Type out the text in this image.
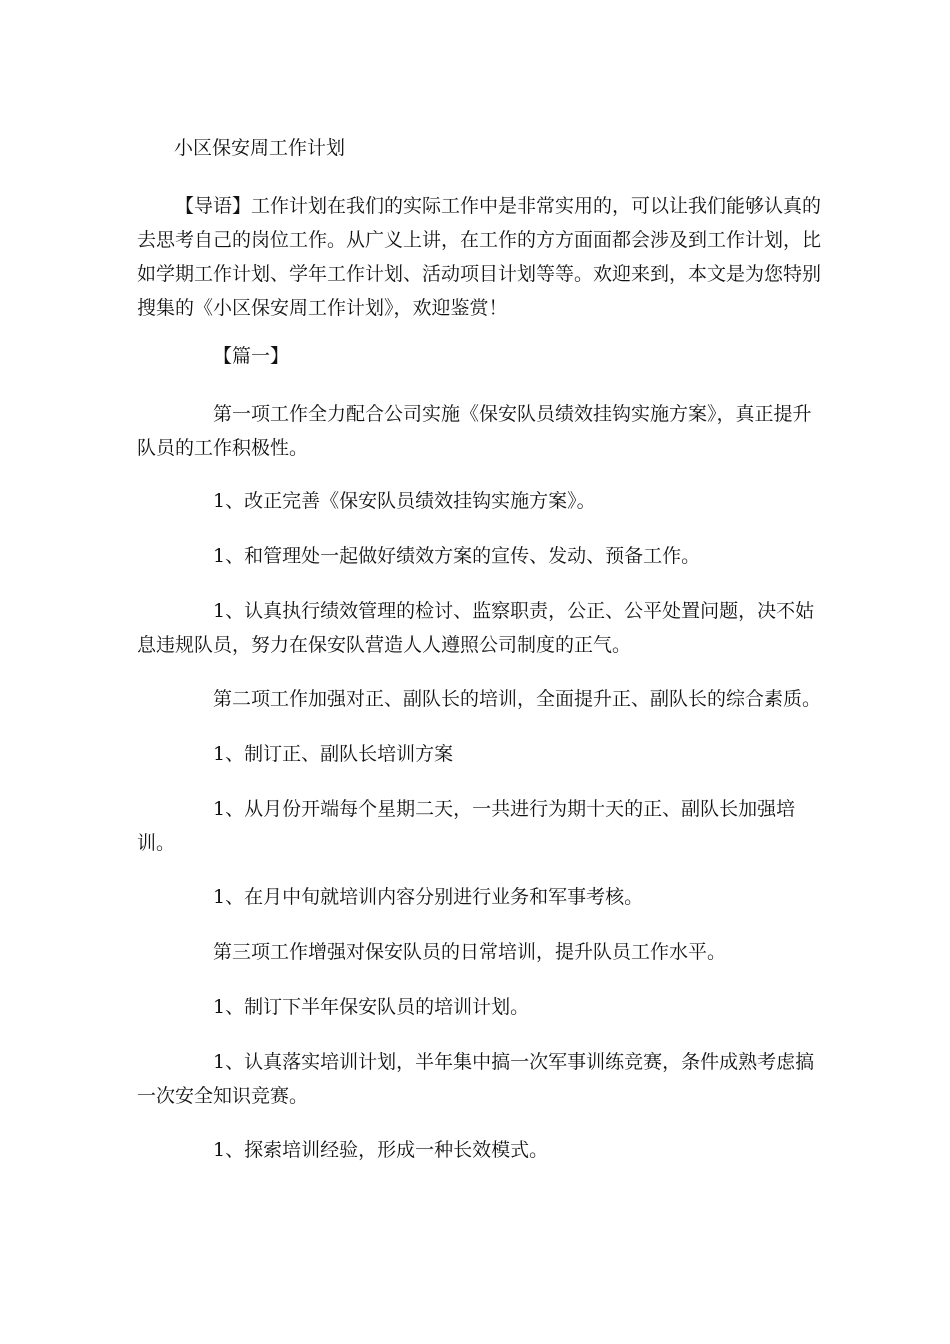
小区保安周工作计划

【导语】工作计划在我们的实际工作中是非常实用的，可以让我们能够认真的去思考自己的岗位工作。从广义上讲，在工作的方方面面都会涉及到工作计划，比如学期工作计划、学年工作计划、活动项目计划等等。欢迎来到，本文是为您特别搜集的《小区保安周工作计划》，欢迎鉴赏！

【篇一】

第一项工作全力配合公司实施《保安队员绩效挂钩实施方案》，真正提升队员的工作积极性。

1、改正完善《保安队员绩效挂钩实施方案》。

1、和管理处一起做好绩效方案的宣传、发动、预备工作。

1、认真执行绩效管理的检讨、监察职责，公正、公平处置问题，决不姑息违规队员，努力在保安队营造人人遵照公司制度的正气。

第二项工作加强对正、副队长的培训，全面提升正、副队长的综合素质。

1、制订正、副队长培训方案

1、从月份开端每个星期二天，一共进行为期十天的正、副队长加强培训。

1、在月中旬就培训内容分别进行业务和军事考核。

第三项工作增强对保安队员的日常培训，提升队员工作水平。

1、制订下半年保安队员的培训计划。

1、认真落实培训计划，半年集中搞一次军事训练竞赛，条件成熟考虑搞一次安全知识竞赛。

1、探索培训经验，形成一种长效模式。
